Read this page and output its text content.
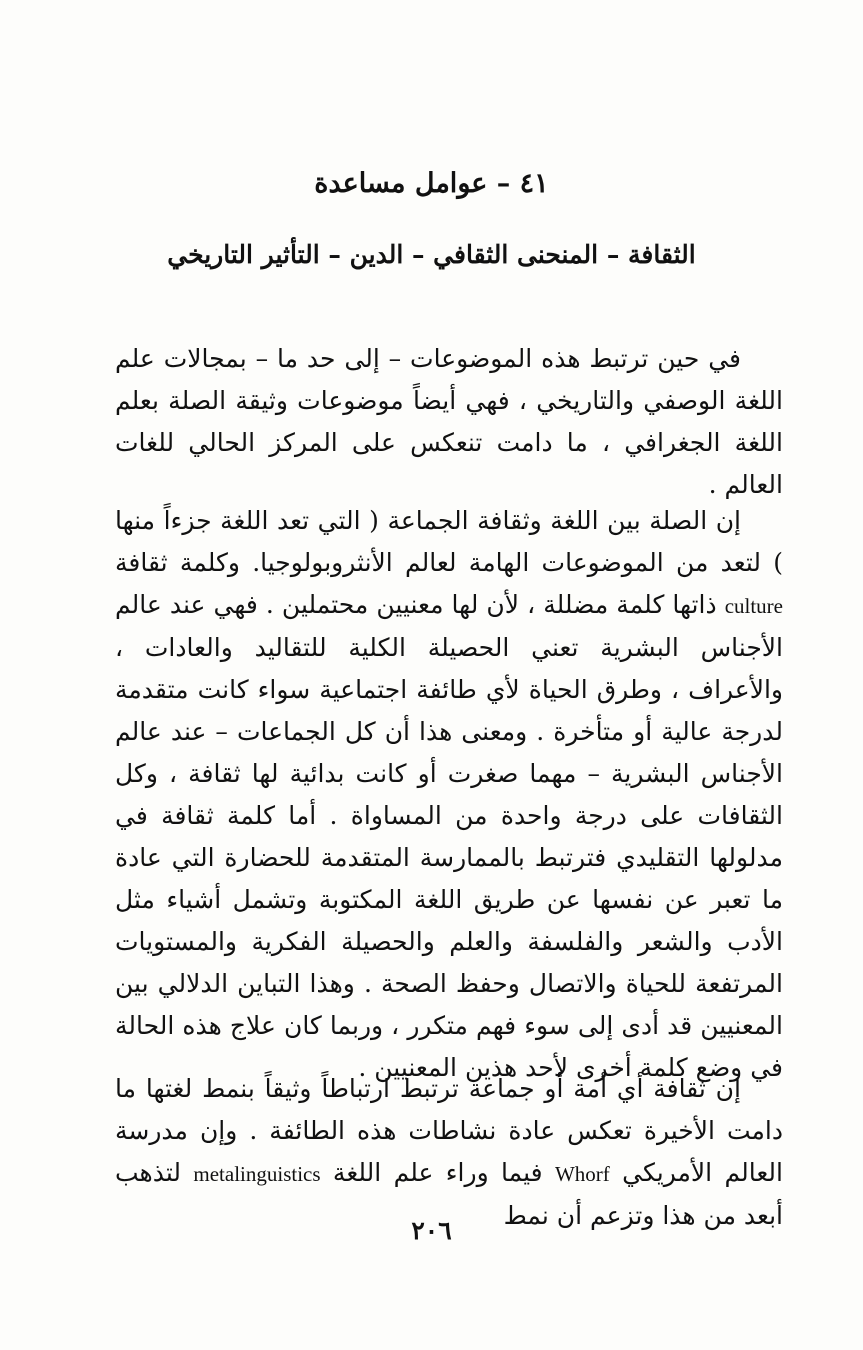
٤١ – عوامل مساعدة
الثقافة – المنحنى الثقافي – الدين – التأثير التاريخي

في حين ترتبط هذه الموضوعات – إلى حد ما – بمجالات علم اللغة الوصفي والتاريخي ، فهي أيضاً موضوعات وثيقة الصلة بعلم اللغة الجغرافي ، ما دامت تنعكس على المركز الحالي للغات العالم .

إن الصلة بين اللغة وثقافة الجماعة ( التي تعد اللغة جزءاً منها ) لتعد من الموضوعات الهامة لعالم الأنثروبولوجيا. وكلمة ثقافة culture ذاتها كلمة مضللة ، لأن لها معنيين محتملين . فهي عند عالم الأجناس البشرية تعني الحصيلة الكلية للتقاليد والعادات ، والأعراف ، وطرق الحياة لأي طائفة اجتماعية سواء كانت متقدمة لدرجة عالية أو متأخرة . ومعنى هذا أن كل الجماعات – عند عالم الأجناس البشرية – مهما صغرت أو كانت بدائية لها ثقافة ، وكل الثقافات على درجة واحدة من المساواة . أما كلمة ثقافة في مدلولها التقليدي فترتبط بالممارسة المتقدمة للحضارة التي عادة ما تعبر عن نفسها عن طريق اللغة المكتوبة وتشمل أشياء مثل الأدب والشعر والفلسفة والعلم والحصيلة الفكرية والمستويات المرتفعة للحياة والاتصال وحفظ الصحة . وهذا التباين الدلالي بين المعنيين قد أدى إلى سوء فهم متكرر ، وربما كان علاج هذه الحالة في وضع كلمة أخرى لأحد هذين المعنيين .

إن ثقافة أي أمة أو جماعة ترتبط ارتباطاً وثيقاً بنمط لغتها ما دامت الأخيرة تعكس عادة نشاطات هذه الطائفة . وإن مدرسة العالم الأمريكي Whorf فيما وراء علم اللغة metalinguistics لتذهب أبعد من هذا وتزعم أن نمط

٢٠٦
